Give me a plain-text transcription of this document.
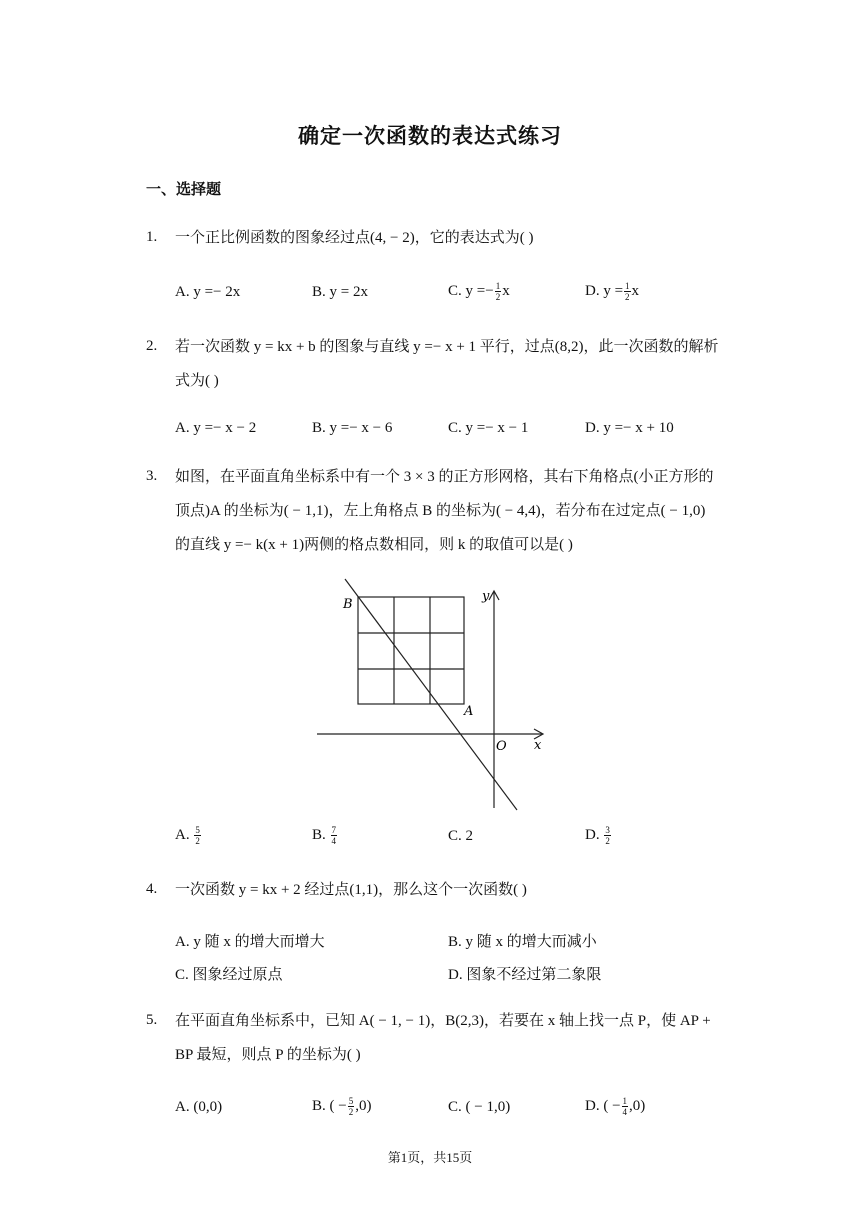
确定一次函数的表达式练习
一、选择题
1. 一个正比例函数的图象经过点(4, − 2)，它的表达式为( )
A. y =− 2x	B. y = 2x	C. $y =- \frac{1}{2}$ x	D. $y = \frac{1}{2}$ x
2. 若一次函数 y = kx + b 的图象与直线 y =− x + 1 平行，过点(8,2)，此一次函数的解析式为( )
A. y =− x − 2	B. y =− x − 6	C. y =− x − 1	D. y =− x + 10
3. 如图，在平面直角坐标系中有一个 3 × 3 的正方形网格，其右下角格点(小正方形的顶点)A 的坐标为( − 1,1)，左上角格点 B 的坐标为( − 4,4)，若分布在过定点( − 1,0)的直线 y =− k(x + 1)两侧的格点数相同，则 k 的取值可以是( )
B
A
O x
y
A. $\frac{5}{2}$	B. $\frac{7}{4}$	C. 2	D. $\frac{3}{2}$
4. 一次函数 y = kx + 2 经过点(1,1)，那么这个一次函数( )
A. y 随 x 的增大而增大	B. y 随 x 的增大而减小
C. 图象经过原点	D. 图象不经过第二象限
5. 在平面直角坐标系中，已知 A( − 1, − 1)，B(2,3)，若要在 x 轴上找一点 P，使 AP + BP 最短，则点 P 的坐标为( )
A. (0,0)	B. ( − $\frac{5}{2} ,0$)	C. ( − 1,0)	D. ( − $\frac{1}{4} ,0$)
第1页，共15页
